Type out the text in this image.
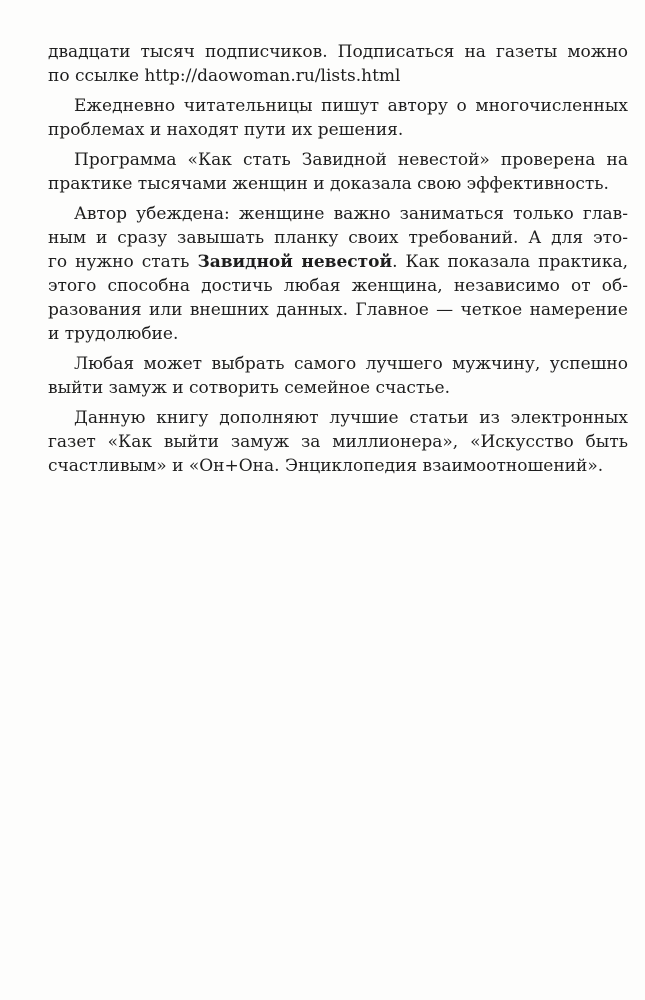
двадцати тысяч подписчиков. Подписаться на газеты можно
по ссылке http://daowoman.ru/lists.html

Ежедневно читательницы пишут автору о многочисленных
проблемах и находят пути их решения.

Программа «Как стать Завидной невестой» проверена на
практике тысячами женщин и доказала свою эффективность.

Автор убеждена: женщине важно заниматься только глав-
ным и сразу завышать планку своих требований. А для это-
го нужно стать Завидной невестой. Как показала практика,
этого способна достичь любая женщина, независимо от об-
разования или внешних данных. Главное — четкое намерение
и трудолюбие.

Любая может выбрать самого лучшего мужчину, успешно
выйти замуж и сотворить семейное счастье.

Данную книгу дополняют лучшие статьи из электронных
газет «Как выйти замуж за миллионера», «Искусство быть
счастливым» и «Он+Она. Энциклопедия взаимоотношений».
